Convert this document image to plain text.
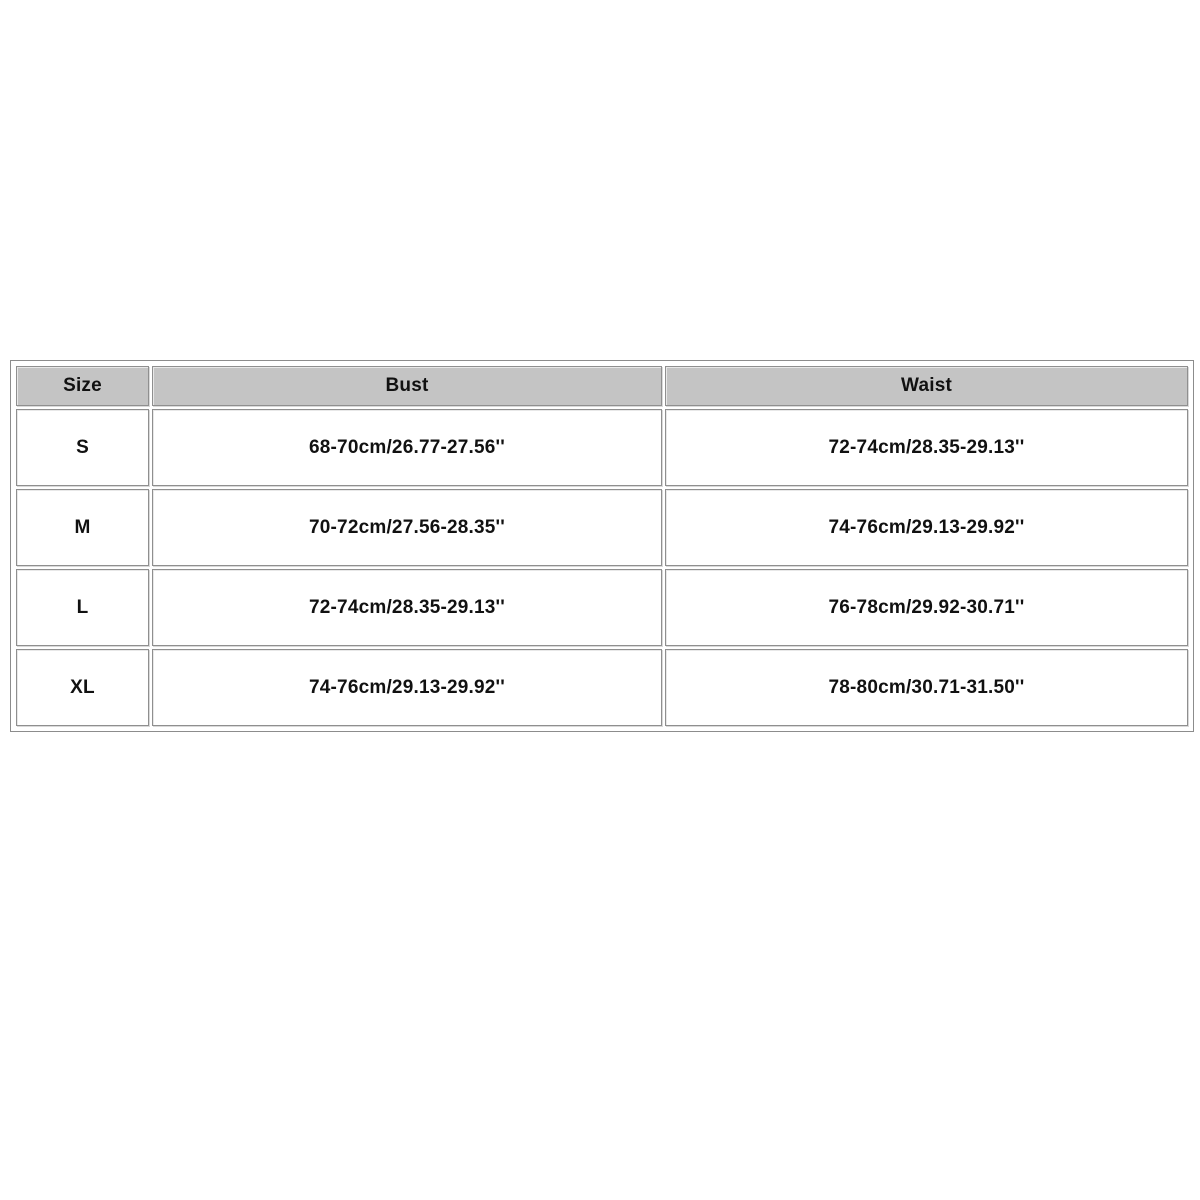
Size	Bust	Waist
S	68-70cm/26.77-27.56''	72-74cm/28.35-29.13''
M	70-72cm/27.56-28.35''	74-76cm/29.13-29.92''
L	72-74cm/28.35-29.13''	76-78cm/29.92-30.71''
XL	74-76cm/29.13-29.92''	78-80cm/30.71-31.50''
